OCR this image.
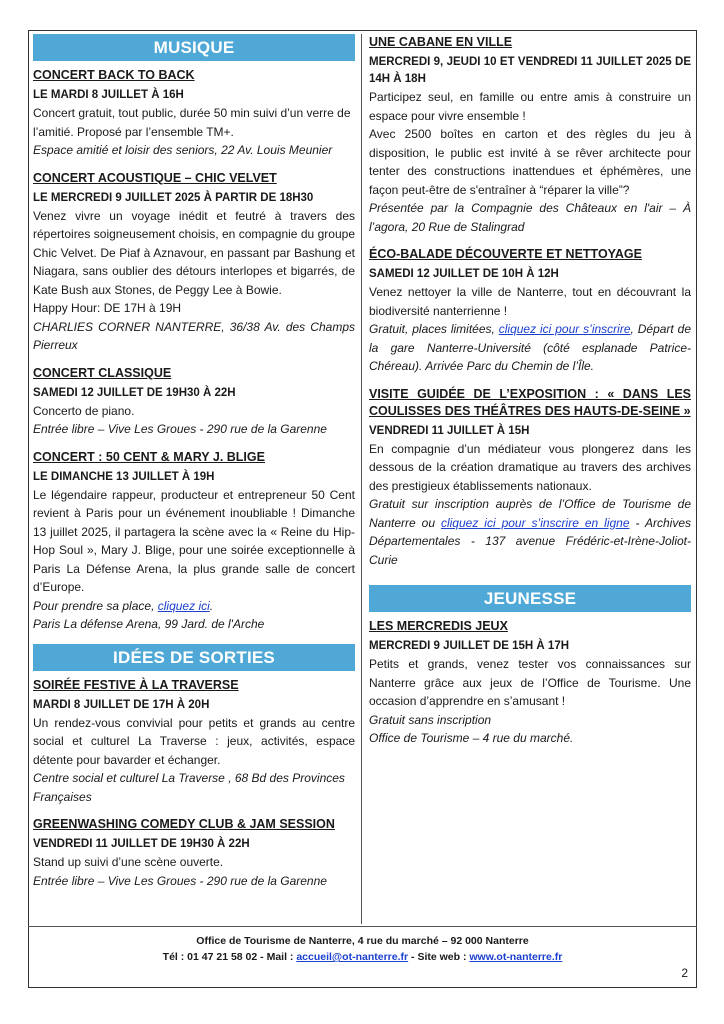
MUSIQUE
CONCERT BACK TO BACK
LE MARDI 8 JUILLET À 16H
Concert gratuit, tout public, durée 50 min suivi d’un verre de l’amitié. Proposé par l’ensemble TM+.
Espace amitié et loisir des seniors, 22 Av. Louis Meunier
CONCERT ACOUSTIQUE – CHIC VELVET
LE MERCREDI 9 JUILLET 2025 À PARTIR DE 18H30
Venez vivre un voyage inédit et feutré à travers des répertoires soigneusement choisis, en compagnie du groupe Chic Velvet. De Piaf à Aznavour, en passant par Bashung et Niagara, sans oublier des détours interlopes et bigarrés, de Kate Bush aux Stones, de Peggy Lee à Bowie.
Happy Hour: DE 17H à 19H
CHARLIES CORNER NANTERRE, 36/38 Av. des Champs Pierreux
CONCERT CLASSIQUE
SAMEDI 12 JUILLET DE 19H30 À 22H
Concerto de piano.
Entrée libre – Vive Les Groues - 290 rue de la Garenne
CONCERT : 50 CENT & MARY J. BLIGE
LE DIMANCHE 13 JUILLET À 19H
Le légendaire rappeur, producteur et entrepreneur 50 Cent revient à Paris pour un événement inoubliable ! Dimanche 13 juillet 2025, il partagera la scène avec la « Reine du Hip-Hop Soul », Mary J. Blige, pour une soirée exceptionnelle à Paris La Défense Arena, la plus grande salle de concert d’Europe.
Pour prendre sa place, cliquez ici.
Paris La défense Arena, 99 Jard. de l'Arche
IDÉES DE SORTIES
SOIRÉE FESTIVE À LA TRAVERSE
MARDI 8 JUILLET DE 17H À 20H
Un rendez-vous convivial pour petits et grands au centre social et culturel La Traverse : jeux, activités, espace détente pour bavarder et échanger.
Centre social et culturel La Traverse , 68 Bd des Provinces Françaises
GREENWASHING COMEDY CLUB & JAM SESSION
VENDREDI 11 JUILLET DE 19H30 À 22H
Stand up suivi d’une scène ouverte.
Entrée libre – Vive Les Groues - 290 rue de la Garenne
UNE CABANE EN VILLE
MERCREDI 9, JEUDI 10 ET VENDREDI 11 JUILLET 2025 DE 14H À 18H
Participez seul, en famille ou entre amis à construire un espace pour vivre ensemble !
Avec 2500 boîtes en carton et des règles du jeu à disposition, le public est invité à se rêver architecte pour tenter des constructions inattendues et éphémères, une façon peut-être de s'entraîner à “réparer la ville”?
Présentée par la Compagnie des Châteaux en l'air – À l’agora, 20 Rue de Stalingrad
ÉCO-BALADE DÉCOUVERTE ET NETTOYAGE
SAMEDI 12 JUILLET DE 10H À 12H
Venez nettoyer la ville de Nanterre, tout en découvrant la biodiversité nanterrienne !
Gratuit, places limitées, cliquez ici pour s’inscrire, Départ de la gare Nanterre-Université (côté esplanade Patrice-Chéreau). Arrivée Parc du Chemin de l’Île.
VISITE GUIDÉE DE L’EXPOSITION : « DANS LES COULISSES DES THÉÂTRES DES HAUTS-DE-SEINE »
VENDREDI 11 JUILLET À 15H
En compagnie d’un médiateur vous plongerez dans les dessous de la création dramatique au travers des archives des prestigieux établissements nationaux.
Gratuit sur inscription auprès de l’Office de Tourisme de Nanterre ou cliquez ici pour s’inscrire en ligne - Archives Départementales - 137 avenue Frédéric-et-Irène-Joliot-Curie
JEUNESSE
LES MERCREDIS JEUX
MERCREDI 9 JUILLET DE 15H À 17H
Petits et grands, venez tester vos connaissances sur Nanterre grâce aux jeux de l’Office de Tourisme. Une occasion d’apprendre en s’amusant !
Gratuit sans inscription
Office de Tourisme – 4 rue du marché.
Office de Tourisme de Nanterre, 4 rue du marché – 92 000 Nanterre
Tél : 01 47 21 58 02 - Mail : accueil@ot-nanterre.fr - Site web : www.ot-nanterre.fr
2
